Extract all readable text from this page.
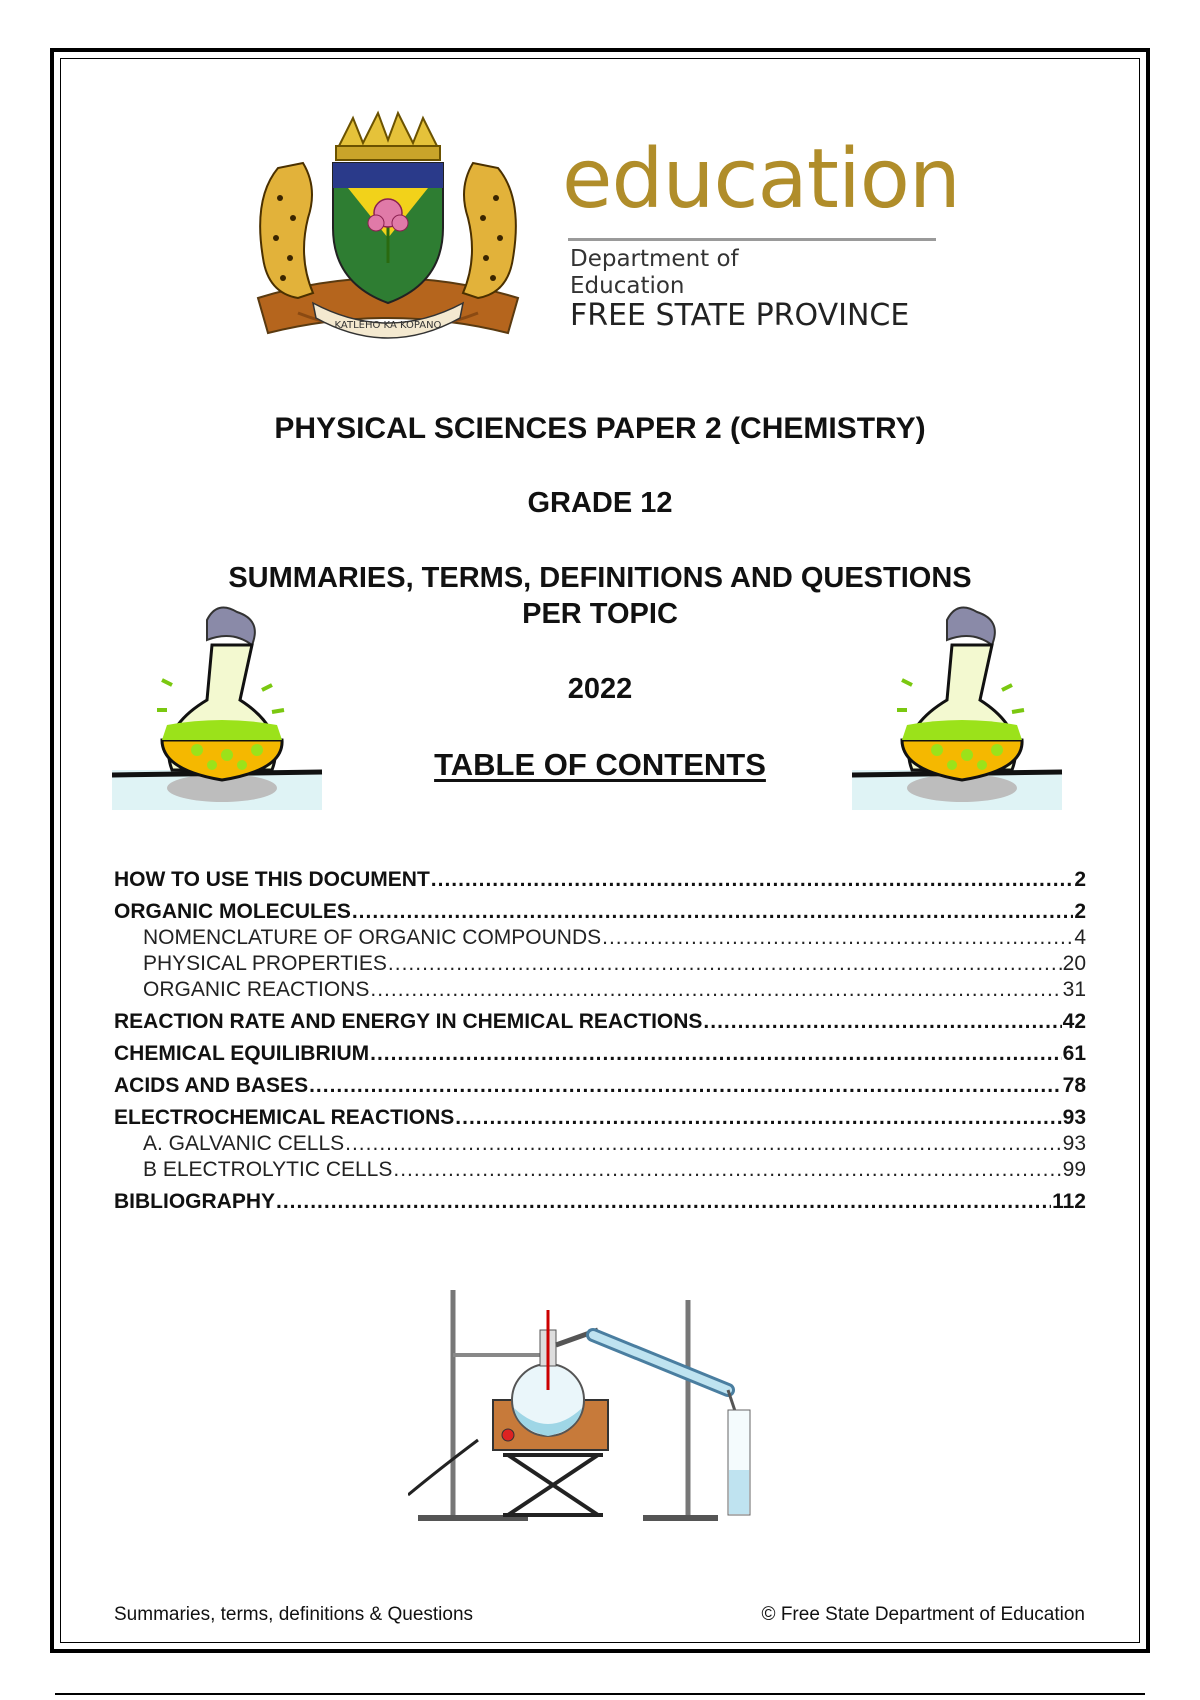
KATLEHO KA KOPANO
education
Department of
Education
FREE STATE PROVINCE
PHYSICAL SCIENCES PAPER 2 (CHEMISTRY)
GRADE 12
SUMMARIES, TERMS, DEFINITIONS AND QUESTIONS
PER TOPIC
2022
TABLE OF CONTENTS
HOW TO USE THIS DOCUMENT .....	2
ORGANIC MOLECULES .....	2
NOMENCLATURE OF ORGANIC COMPOUNDS .....	4
PHYSICAL PROPERTIES .....	20
ORGANIC REACTIONS .....	31
REACTION RATE AND ENERGY IN CHEMICAL REACTIONS .....	42
CHEMICAL EQUILIBRIUM .....	61
ACIDS AND BASES .....	78
ELECTROCHEMICAL REACTIONS .....	93
A. GALVANIC CELLS .....	93
B ELECTROLYTIC CELLS .....	99
BIBLIOGRAPHY .....	112
Summaries, terms, definitions & Questions	© Free State Department of Education
